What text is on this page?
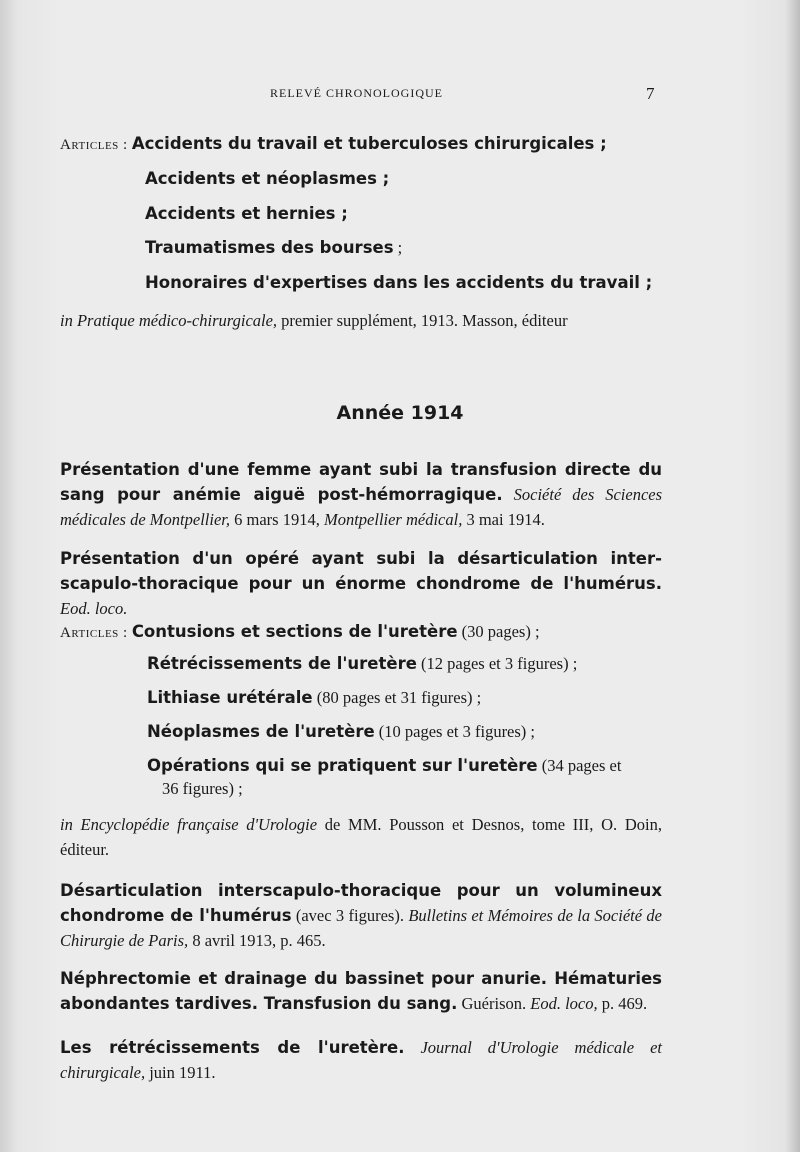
RELEVÉ CHRONOLOGIQUE	7
Articles : Accidents du travail et tuberculoses chirurgicales ;
Accidents et néoplasmes ;
Accidents et hernies ;
Traumatismes des bourses ;
Honoraires d'expertises dans les accidents du travail ;
in Pratique médico-chirurgicale, premier supplément, 1913. Masson, éditeur
Année 1914
Présentation d'une femme ayant subi la transfusion directe du sang pour anémie aiguë post-hémorragique. Société des Sciences médicales de Montpellier, 6 mars 1914, Montpellier médical, 3 mai 1914.
Présentation d'un opéré ayant subi la désarticulation inter-scapulo-thoracique pour un énorme chondrome de l'humérus. Eod. loco.
Articles : Contusions et sections de l'uretère (30 pages) ;
Rétrécissements de l'uretère (12 pages et 3 figures) ;
Lithiase urétérale (80 pages et 31 figures) ;
Néoplasmes de l'uretère (10 pages et 3 figures) ;
Opérations qui se pratiquent sur l'uretère (34 pages et
36 figures) ;
in Encyclopédie française d'Urologie de MM. Pousson et Desnos, tome III, O. Doin, éditeur.
Désarticulation interscapulo-thoracique pour un volumineux chondrome de l'humérus (avec 3 figures). Bulletins et Mémoires de la Société de Chirurgie de Paris, 8 avril 1913, p. 465.
Néphrectomie et drainage du bassinet pour anurie. Hématuries abondantes tardives. Transfusion du sang. Guérison. Eod. loco, p. 469.
Les rétrécissements de l'uretère. Journal d'Urologie médicale et chirurgicale, juin 1911.
